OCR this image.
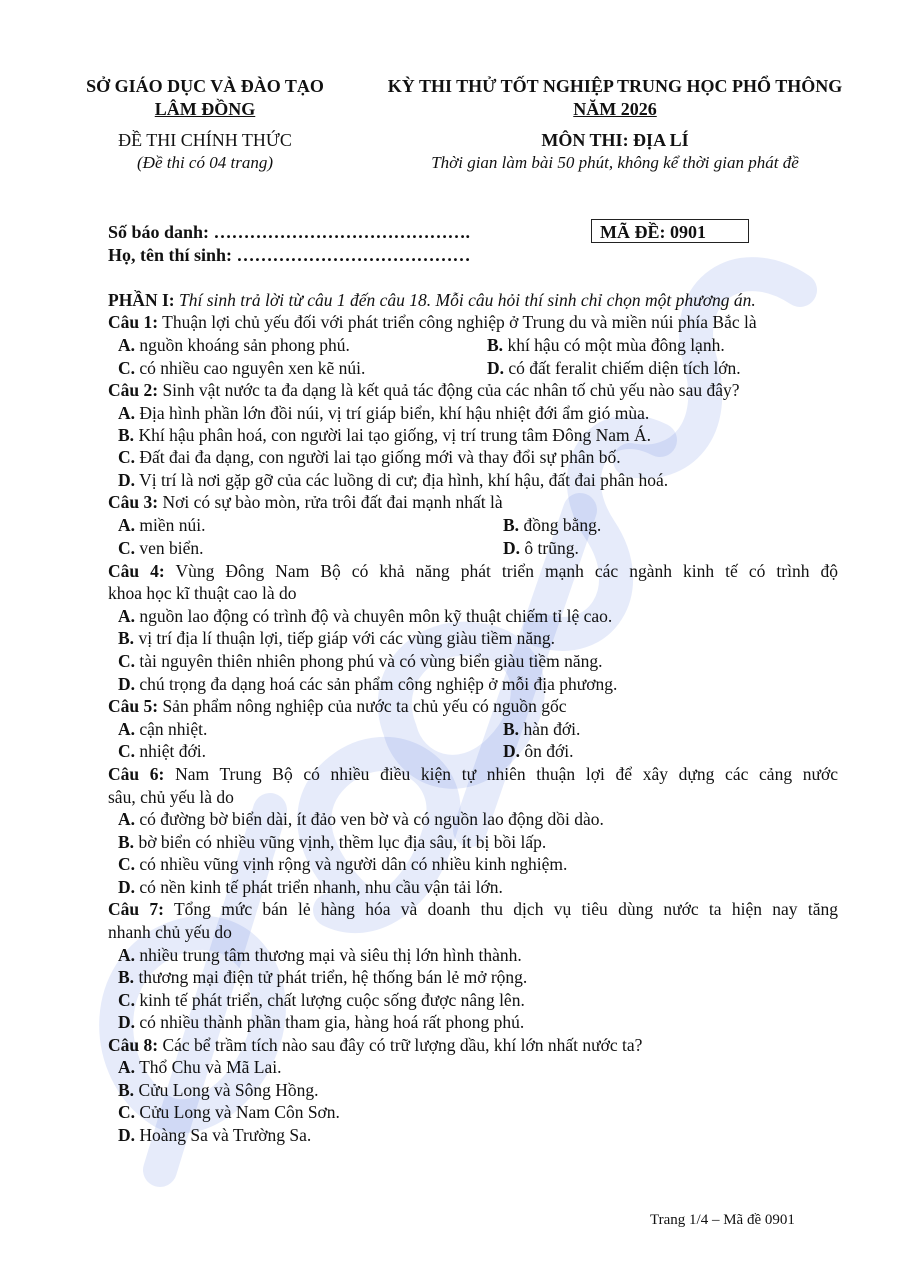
SỞ GIÁO DỤC VÀ ĐÀO TẠO
LÂM ĐỒNG
ĐỀ THI CHÍNH THỨC
(Đề thi có 04 trang)
KỲ THI THỬ TỐT NGHIỆP TRUNG HỌC PHỔ THÔNG
NĂM 2026
MÔN THI: ĐỊA LÍ
Thời gian làm bài 50 phút, không kể thời gian phát đề
Số báo danh: …………………………………….
Họ, tên thí sinh: …………………………………
MÃ ĐỀ: 0901
PHẦN I: Thí sinh trả lời từ câu 1 đến câu 18. Mỗi câu hỏi thí sinh chỉ chọn một phương án.
Câu 1: Thuận lợi chủ yếu đối với phát triển công nghiệp ở Trung du và miền núi phía Bắc là
A. nguồn khoáng sản phong phú.	B. khí hậu có một mùa đông lạnh.
C. có nhiều cao nguyên xen kẽ núi.	D. có đất feralit chiếm diện tích lớn.
Câu 2: Sinh vật nước ta đa dạng là kết quả tác động của các nhân tố chủ yếu nào sau đây?
A. Địa hình phần lớn đồi núi, vị trí giáp biển, khí hậu nhiệt đới ẩm gió mùa.
B. Khí hậu phân hoá, con người lai tạo giống, vị trí trung tâm Đông Nam Á.
C. Đất đai đa dạng, con người lai tạo giống mới và thay đổi sự phân bố.
D. Vị trí là nơi gặp gỡ của các luồng di cư; địa hình, khí hậu, đất đai phân hoá.
Câu 3: Nơi có sự bào mòn, rửa trôi đất đai mạnh nhất là
A. miền núi.	B. đồng bằng.
C. ven biển.	D. ô trũng.
Câu 4: Vùng Đông Nam Bộ có khả năng phát triển mạnh các ngành kinh tế có trình độ
khoa học kĩ thuật cao là do
A. nguồn lao động có trình độ và chuyên môn kỹ thuật chiếm tỉ lệ cao.
B. vị trí địa lí thuận lợi, tiếp giáp với các vùng giàu tiềm năng.
C. tài nguyên thiên nhiên phong phú và có vùng biển giàu tiềm năng.
D. chú trọng đa dạng hoá các sản phẩm công nghiệp ở mỗi địa phương.
Câu 5: Sản phẩm nông nghiệp của nước ta chủ yếu có nguồn gốc
A. cận nhiệt.	B. hàn đới.
C. nhiệt đới.	D. ôn đới.
Câu 6: Nam Trung Bộ có nhiều điều kiện tự nhiên thuận lợi để xây dựng các cảng nước
sâu, chủ yếu là do
A. có đường bờ biển dài, ít đảo ven bờ và có nguồn lao động dồi dào.
B. bờ biển có nhiều vũng vịnh, thềm lục địa sâu, ít bị bồi lấp.
C. có nhiều vũng vịnh rộng và người dân có nhiều kinh nghiệm.
D. có nền kinh tế phát triển nhanh, nhu cầu vận tải lớn.
Câu 7: Tổng mức bán lẻ hàng hóa và doanh thu dịch vụ tiêu dùng nước ta hiện nay tăng
nhanh chủ yếu do
A. nhiều trung tâm thương mại và siêu thị lớn hình thành.
B. thương mại điện tử phát triển, hệ thống bán lẻ mở rộng.
C. kinh tế phát triển, chất lượng cuộc sống được nâng lên.
D. có nhiều thành phần tham gia, hàng hoá rất phong phú.
Câu 8: Các bể trầm tích nào sau đây có trữ lượng dầu, khí lớn nhất nước ta?
A. Thổ Chu và Mã Lai.
B. Cửu Long và Sông Hồng.
C. Cửu Long và Nam Côn Sơn.
D. Hoàng Sa và Trường Sa.
Trang 1/4 – Mã đề 0901
